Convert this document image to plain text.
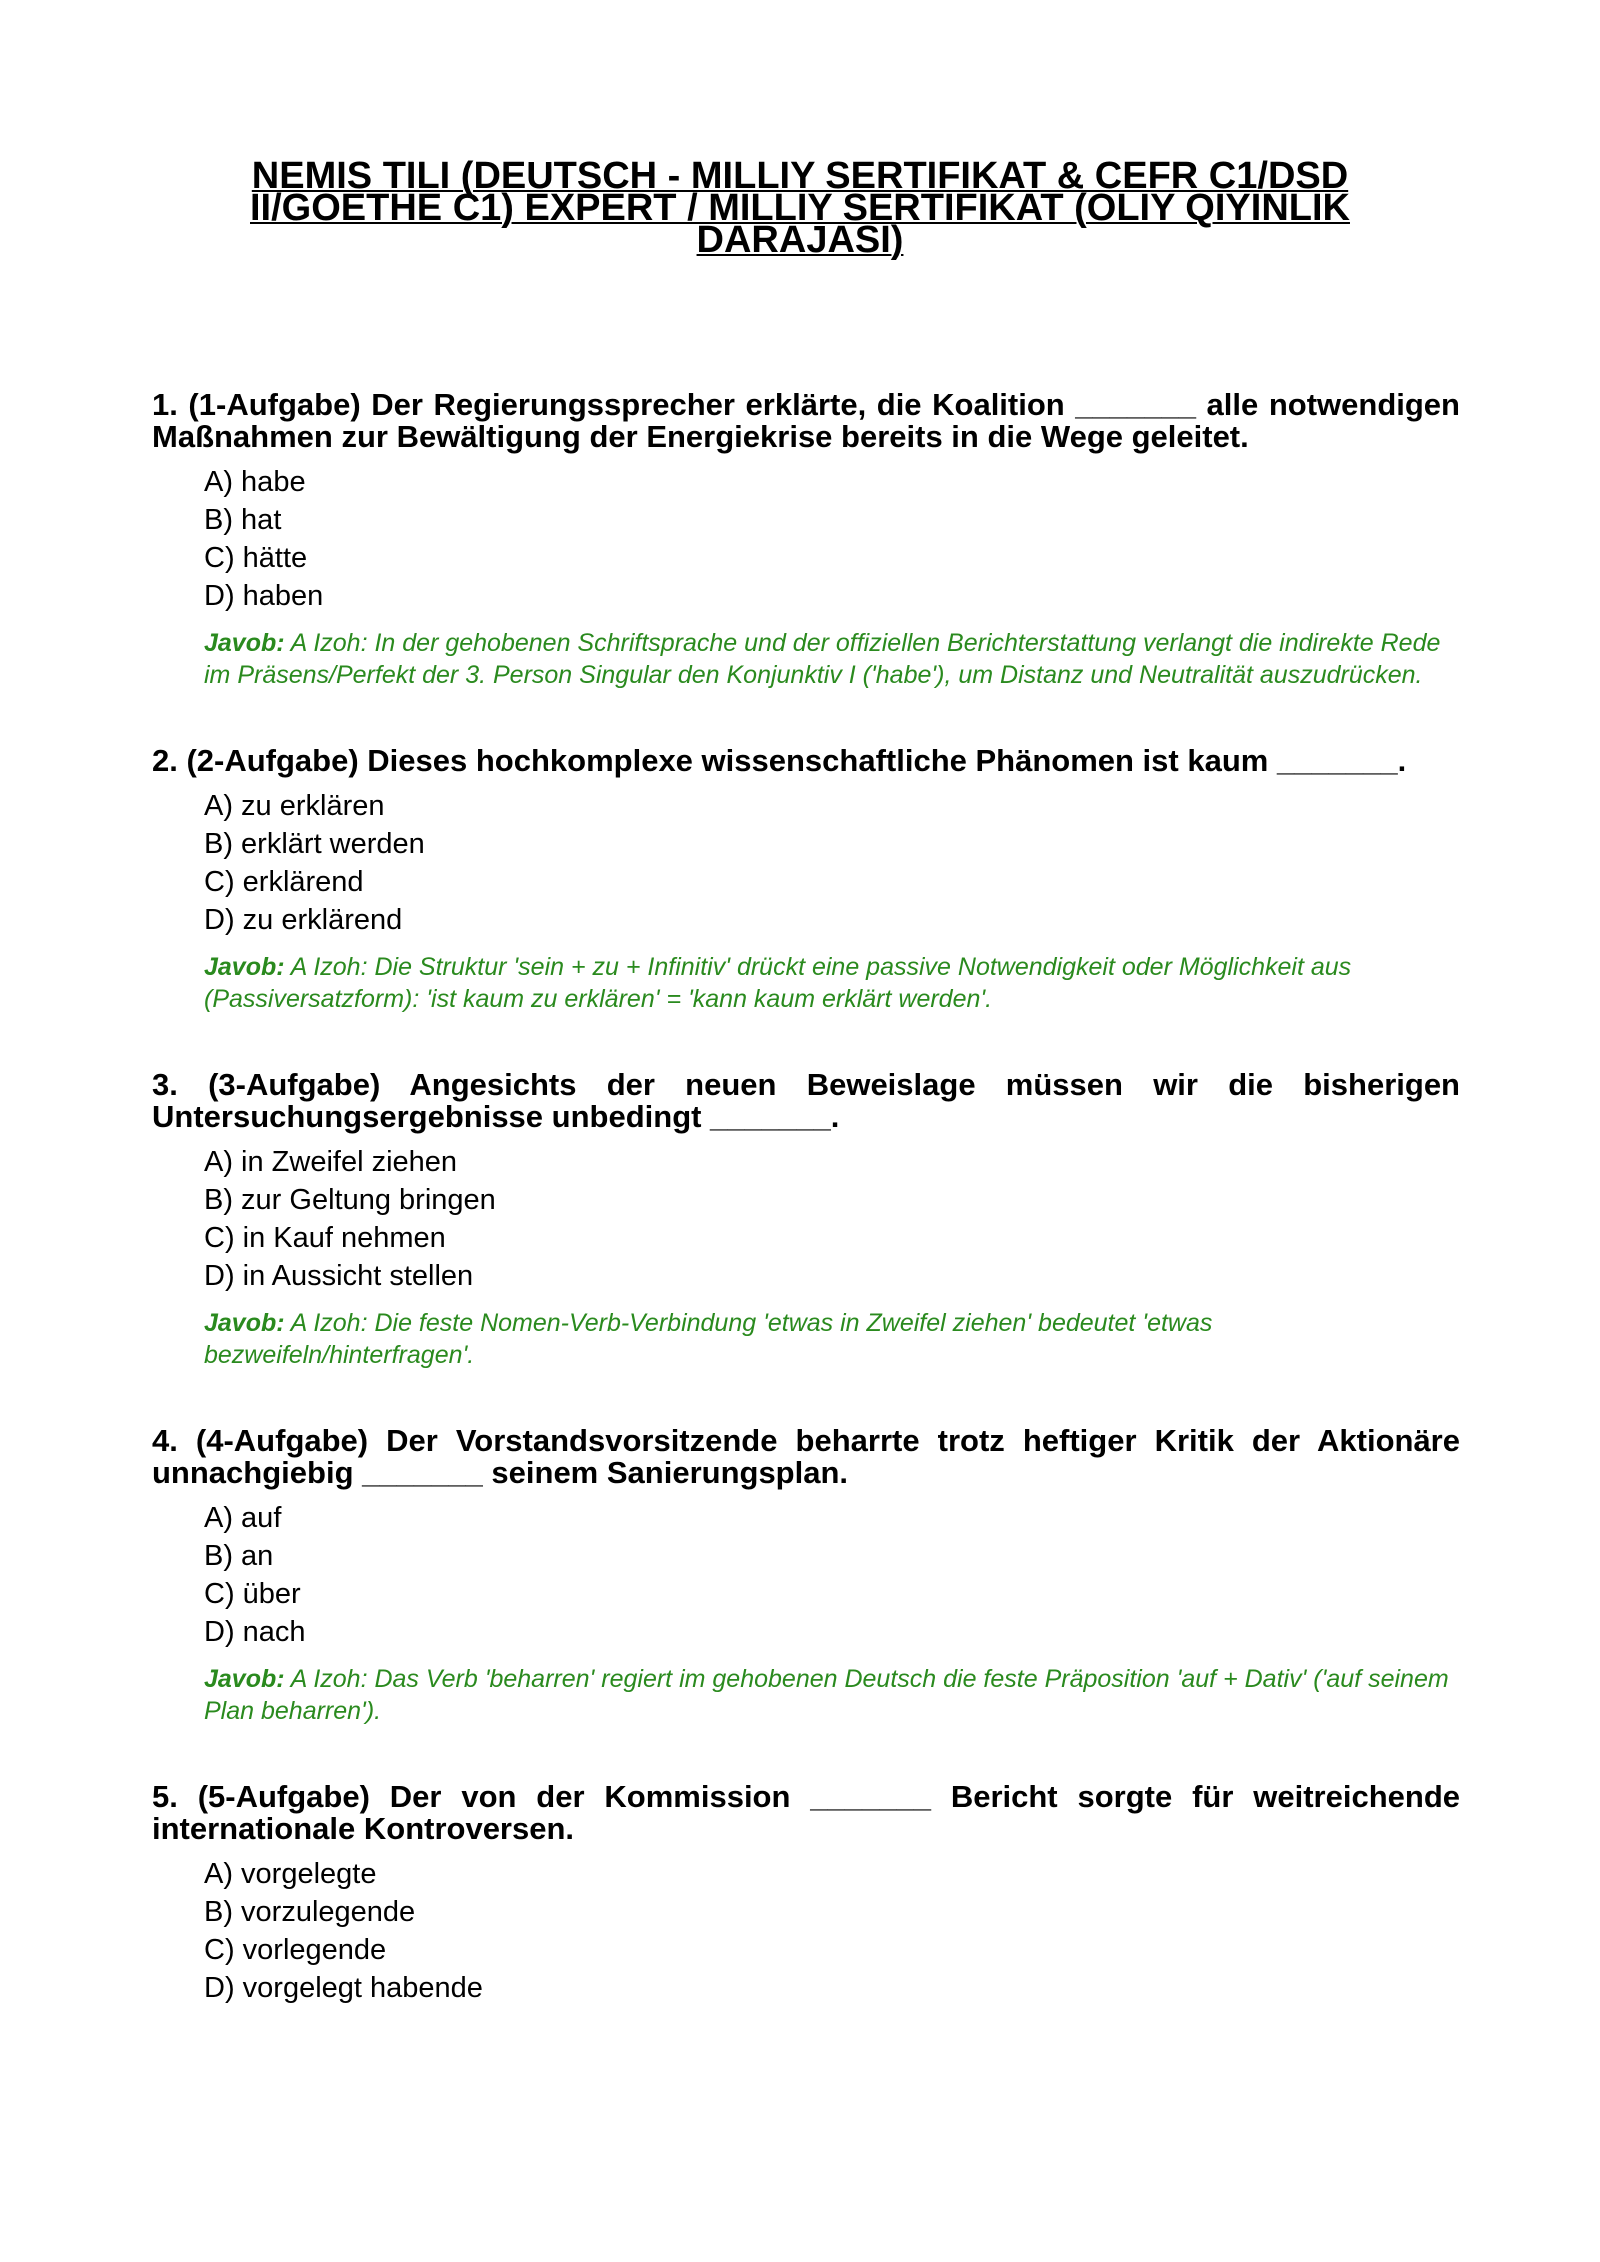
NEMIS TILI (DEUTSCH - MILLIY SERTIFIKAT & CEFR C1/DSD II/GOETHE C1) EXPERT / MILLIY SERTIFIKAT (OLIY QIYINLIK DARAJASI)

1. (1-Aufgabe) Der Regierungssprecher erklärte, die Koalition _______ alle notwendigen Maßnahmen zur Bewältigung der Energiekrise bereits in die Wege geleitet.

A) habe
B) hat
C) hätte
D) haben

Javob: A Izoh: In der gehobenen Schriftsprache und der offiziellen Berichterstattung verlangt die indirekte Rede im Präsens/Perfekt der 3. Person Singular den Konjunktiv I ('habe'), um Distanz und Neutralität auszudrücken.

2. (2-Aufgabe) Dieses hochkomplexe wissenschaftliche Phänomen ist kaum _______.

A) zu erklären
B) erklärt werden
C) erklärend
D) zu erklärend

Javob: A Izoh: Die Struktur 'sein + zu + Infinitiv' drückt eine passive Notwendigkeit oder Möglichkeit aus (Passiversatzform): 'ist kaum zu erklären' = 'kann kaum erklärt werden'.

3. (3-Aufgabe) Angesichts der neuen Beweislage müssen wir die bisherigen Untersuchungsergebnisse unbedingt _______.

A) in Zweifel ziehen
B) zur Geltung bringen
C) in Kauf nehmen
D) in Aussicht stellen

Javob: A Izoh: Die feste Nomen-Verb-Verbindung 'etwas in Zweifel ziehen' bedeutet 'etwas bezweifeln/hinterfragen'.

4. (4-Aufgabe) Der Vorstandsvorsitzende beharrte trotz heftiger Kritik der Aktionäre unnachgiebig _______ seinem Sanierungsplan.

A) auf
B) an
C) über
D) nach

Javob: A Izoh: Das Verb 'beharren' regiert im gehobenen Deutsch die feste Präposition 'auf + Dativ' ('auf seinem Plan beharren').

5. (5-Aufgabe) Der von der Kommission _______ Bericht sorgte für weitreichende internationale Kontroversen.

A) vorgelegte
B) vorzulegende
C) vorlegende
D) vorgelegt habende
